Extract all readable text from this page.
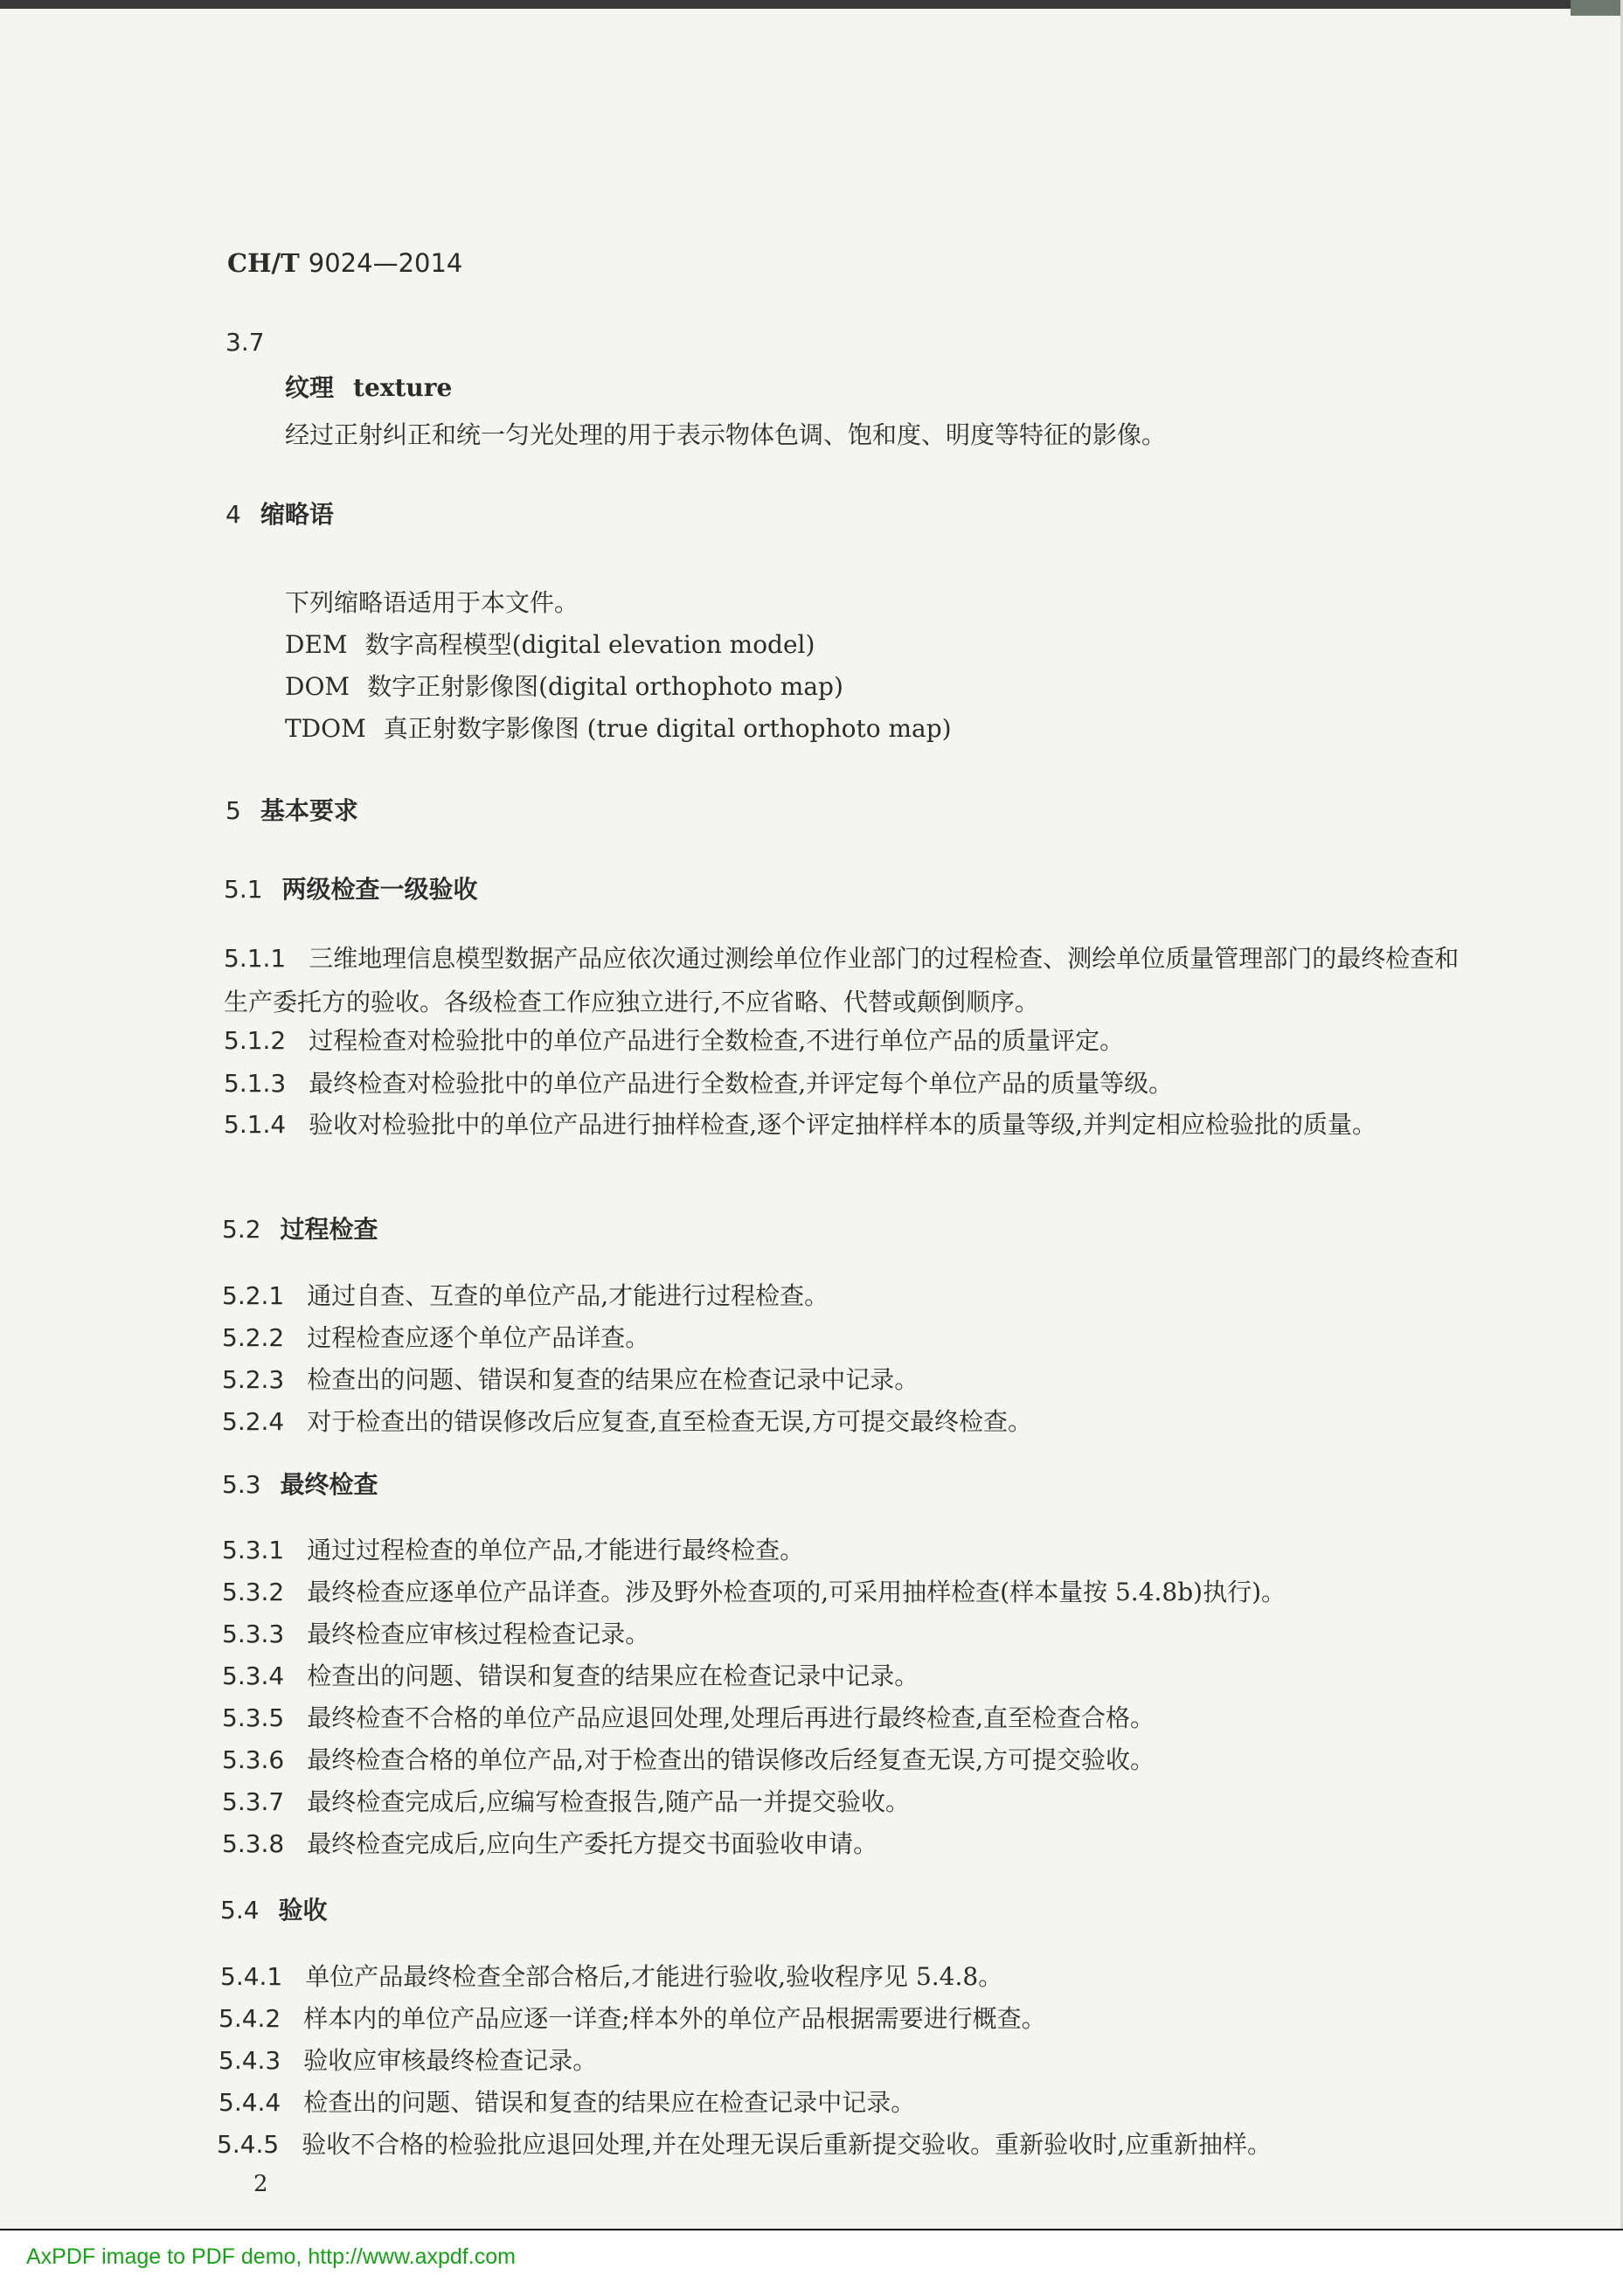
CH/T 9024—2014
3.7
纹理 texture
经过正射纠正和统一匀光处理的用于表示物体色调、饱和度、明度等特征的影像。
4 缩略语
下列缩略语适用于本文件。
DEM 数字高程模型(digital elevation model)
DOM 数字正射影像图(digital orthophoto map)
TDOM 真正射数字影像图 (true digital orthophoto map)
5 基本要求
5.1 两级检查一级验收
5.1.1 三维地理信息模型数据产品应依次通过测绘单位作业部门的过程检查、测绘单位质量管理部门的最终检查和生产委托方的验收。各级检查工作应独立进行,不应省略、代替或颠倒顺序。
5.1.2 过程检查对检验批中的单位产品进行全数检查,不进行单位产品的质量评定。
5.1.3 最终检查对检验批中的单位产品进行全数检查,并评定每个单位产品的质量等级。
5.1.4 验收对检验批中的单位产品进行抽样检查,逐个评定抽样样本的质量等级,并判定相应检验批的质量。
5.2 过程检查
5.2.1 通过自查、互查的单位产品,才能进行过程检查。
5.2.2 过程检查应逐个单位产品详查。
5.2.3 检查出的问题、错误和复查的结果应在检查记录中记录。
5.2.4 对于检查出的错误修改后应复查,直至检查无误,方可提交最终检查。
5.3 最终检查
5.3.1 通过过程检查的单位产品,才能进行最终检查。
5.3.2 最终检查应逐单位产品详查。涉及野外检查项的,可采用抽样检查(样本量按 5.4.8b)执行)。
5.3.3 最终检查应审核过程检查记录。
5.3.4 检查出的问题、错误和复查的结果应在检查记录中记录。
5.3.5 最终检查不合格的单位产品应退回处理,处理后再进行最终检查,直至检查合格。
5.3.6 最终检查合格的单位产品,对于检查出的错误修改后经复查无误,方可提交验收。
5.3.7 最终检查完成后,应编写检查报告,随产品一并提交验收。
5.3.8 最终检查完成后,应向生产委托方提交书面验收申请。
5.4 验收
5.4.1 单位产品最终检查全部合格后,才能进行验收,验收程序见 5.4.8。
5.4.2 样本内的单位产品应逐一详查;样本外的单位产品根据需要进行概查。
5.4.3 验收应审核最终检查记录。
5.4.4 检查出的问题、错误和复查的结果应在检查记录中记录。
5.4.5 验收不合格的检验批应退回处理,并在处理无误后重新提交验收。重新验收时,应重新抽样。
2
AxPDF image to PDF demo, http://www.axpdf.com
